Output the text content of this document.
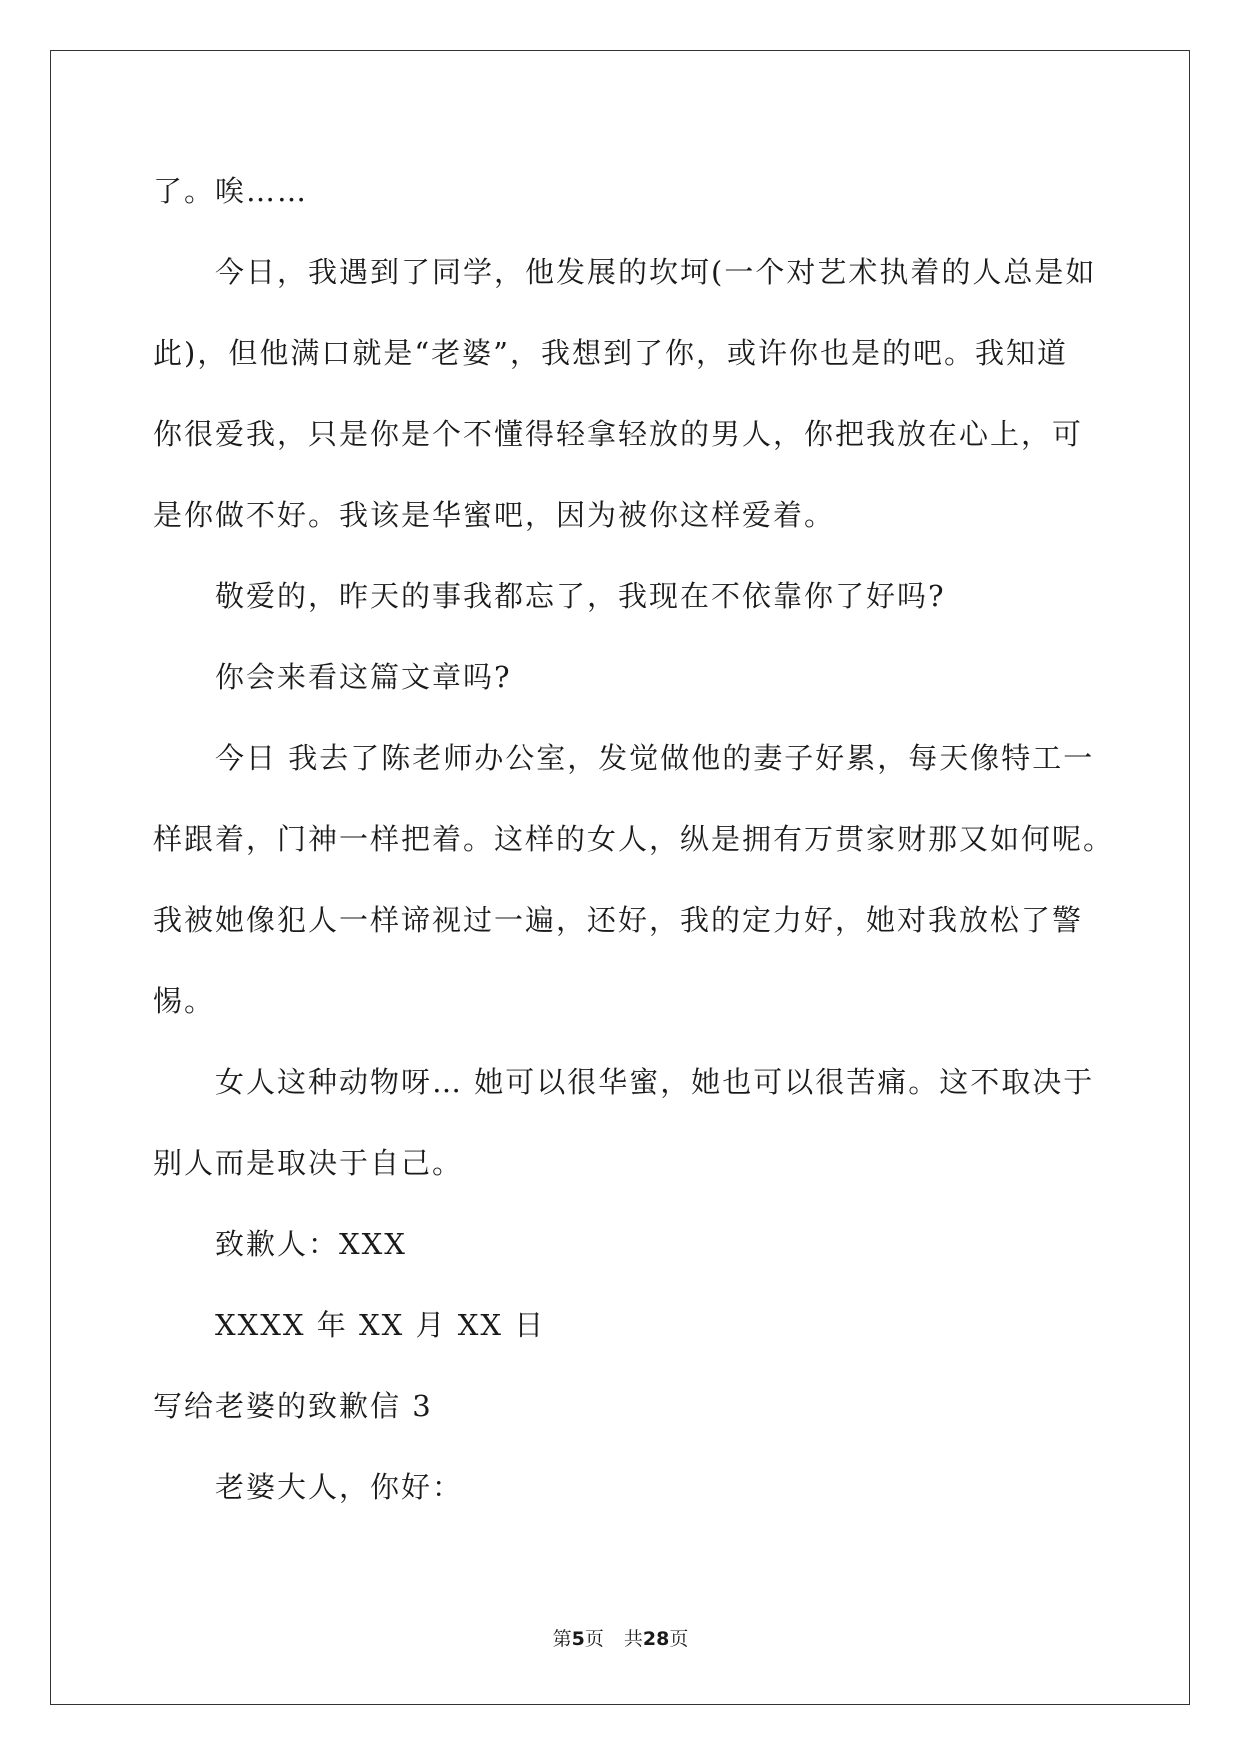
了。唉……
今日，我遇到了同学，他发展的坎坷(一个对艺术执着的人总是如
此)，但他满口就是“老婆”，我想到了你，或许你也是的吧。我知道
你很爱我，只是你是个不懂得轻拿轻放的男人，你把我放在心上，可
是你做不好。我该是华蜜吧，因为被你这样爱着。
敬爱的，昨天的事我都忘了，我现在不依靠你了好吗?
你会来看这篇文章吗?
今日 我去了陈老师办公室，发觉做他的妻子好累，每天像特工一
样跟着，门神一样把着。这样的女人，纵是拥有万贯家财那又如何呢。
我被她像犯人一样谛视过一遍，还好，我的定力好，她对我放松了警
惕。
女人这种动物呀… 她可以很华蜜，她也可以很苦痛。这不取决于
别人而是取决于自己。
致歉人：XXX
XXXX 年 XX 月 XX 日
写给老婆的致歉信 3
老婆大人，你好：
第5页 共28页
